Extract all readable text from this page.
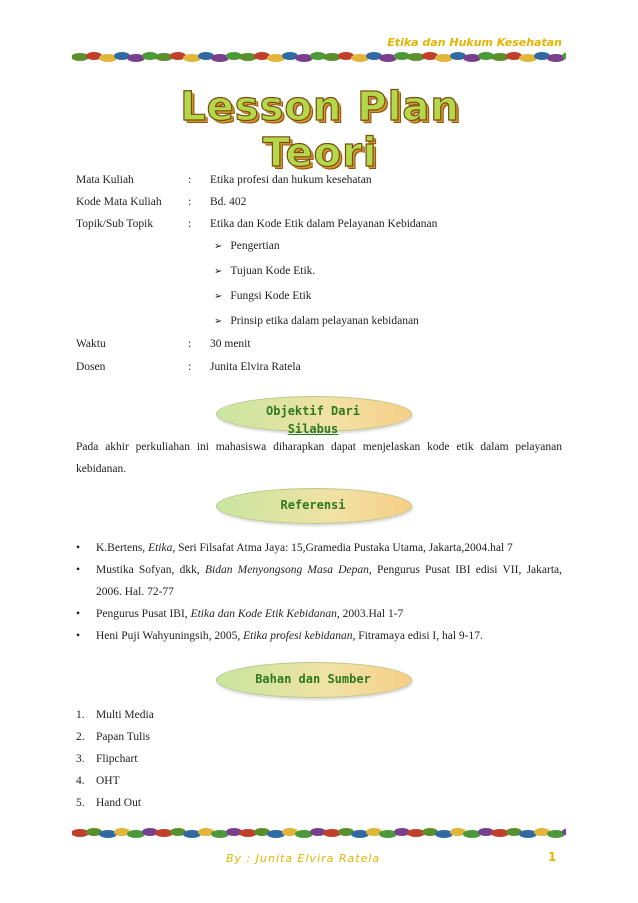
Etika dan Hukum Kesehatan
Lesson Plan Teori
Mata Kuliah	:	Etika profesi dan hukum kesehatan
Kode Mata Kuliah	:	Bd. 402
Topik/Sub Topik	:	Etika dan Kode Etik dalam Pelayanan Kebidanan
➢ Pengertian
➢ Tujuan Kode Etik.
➢ Fungsi Kode Etik
➢ Prinsip etika dalam pelayanan kebidanan
Waktu	:	30 menit
Dosen	:	Junita Elvira Ratela
Objektif Dari
Silabus
Pada akhir perkuliahan ini mahasiswa diharapkan dapat menjelaskan kode etik dalam pelayanan kebidanan.
Referensi
•	K.Bertens, Etika, Seri Filsafat Atma Jaya: 15,Gramedia Pustaka Utama, Jakarta,2004.hal 7
•	Mustika Sofyan, dkk, Bidan Menyongsong Masa Depan, Pengurus Pusat IBI edisi VII, Jakarta, 2006. Hal. 72-77
•	Pengurus Pusat IBI, Etika dan Kode Etik Kebidanan, 2003.Hal 1-7
•	Heni Puji Wahyuningsih, 2005, Etika profesi kebidanan, Fitramaya edisi I, hal 9-17.
Bahan dan Sumber
1. Multi Media
2. Papan Tulis
3. Flipchart
4. OHT
5. Hand Out
By : Junita Elvira Ratela	1
